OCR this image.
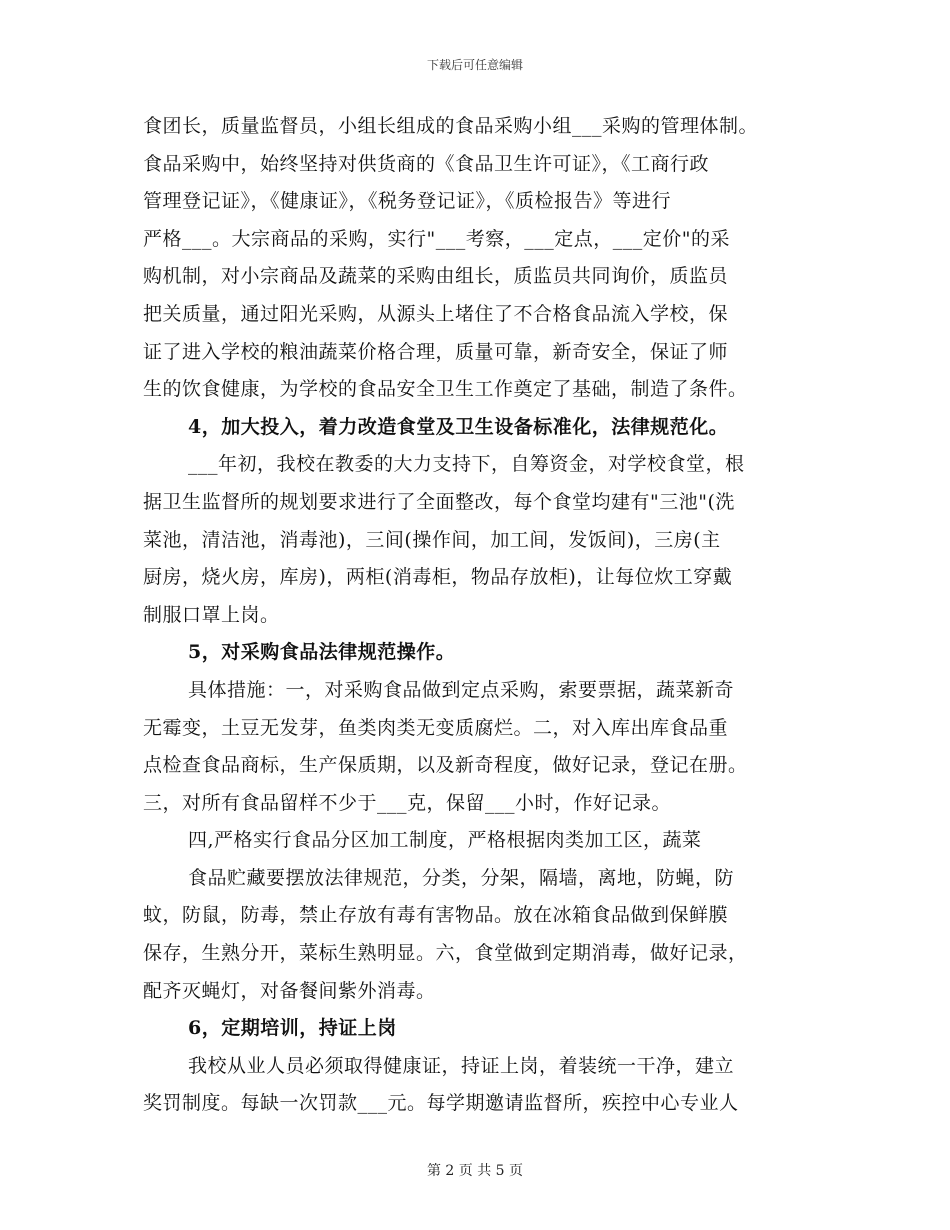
下载后可任意编辑
食团长，质量监督员，小组长组成的食品采购小组___采购的管理体制。
食品采购中，始终坚持对供货商的《食品卫生许可证》，《工商行政
管理登记证》，《健康证》，《税务登记证》，《质检报告》等进行
严格___。大宗商品的采购，实行"___考察，___定点，___定价"的采
购机制，对小宗商品及蔬菜的采购由组长，质监员共同询价，质监员
把关质量，通过阳光采购，从源头上堵住了不合格食品流入学校，保
证了进入学校的粮油蔬菜价格合理，质量可靠，新奇安全，保证了师
生的饮食健康，为学校的食品安全卫生工作奠定了基础，制造了条件。
4，加大投入，着力改造食堂及卫生设备标准化，法律规范化。
___年初，我校在教委的大力支持下，自筹资金，对学校食堂，根
据卫生监督所的规划要求进行了全面整改，每个食堂均建有"三池"(洗
菜池，清洁池，消毒池)，三间(操作间，加工间，发饭间)，三房(主
厨房，烧火房，库房)，两柜(消毒柜，物品存放柜)，让每位炊工穿戴
制服口罩上岗。
5，对采购食品法律规范操作。
具体措施：一，对采购食品做到定点采购，索要票据，蔬菜新奇
无霉变，土豆无发芽，鱼类肉类无变质腐烂。二，对入库出库食品重
点检查食品商标，生产保质期，以及新奇程度，做好记录，登记在册。
三，对所有食品留样不少于___克，保留___小时，作好记录。
四,严格实行食品分区加工制度，严格根据肉类加工区，蔬菜
食品贮藏要摆放法律规范，分类，分架，隔墙，离地，防蝇，防
蚊，防鼠，防毒，禁止存放有毒有害物品。放在冰箱食品做到保鲜膜
保存，生熟分开，菜标生熟明显。六，食堂做到定期消毒，做好记录，
配齐灭蝇灯，对备餐间紫外消毒。
6，定期培训，持证上岗
我校从业人员必须取得健康证，持证上岗，着装统一干净，建立
奖罚制度。每缺一次罚款___元。每学期邀请监督所，疾控中心专业人
第 2 页 共 5 页
